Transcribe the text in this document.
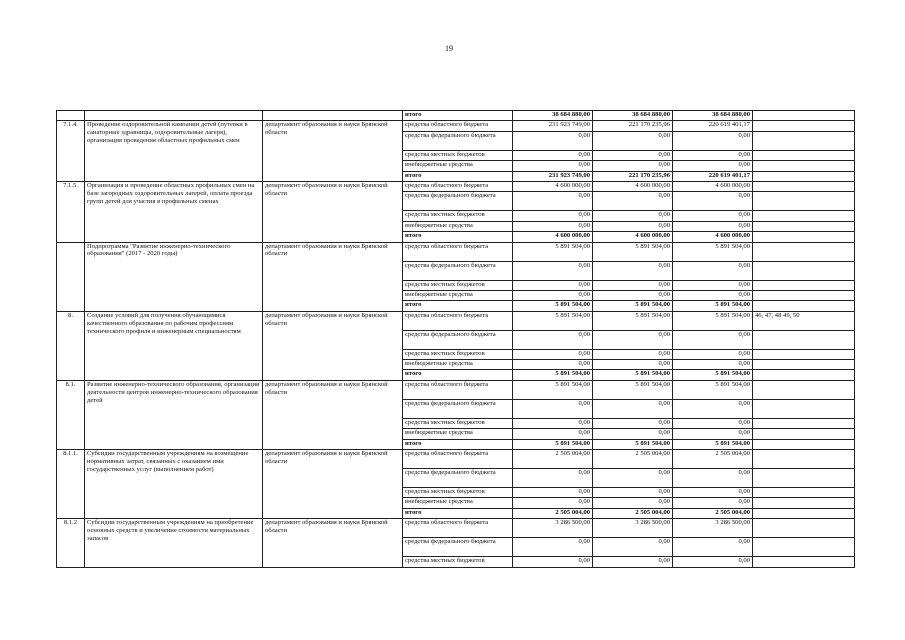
19
			итого	38 684 880,00	38 684 880,00	38 684 880,00	
7.1.4.	Проведение оздоровительной кампании детей (путевки в санаторные здравницы, оздоровительные лагеря), организация проведения областных профильных смен	департамент образования и науки Брянской области	средства областного бюджета	231 923 749,00	221 170 235,96	220 619 401,17	
			средства федерального бюджета	0,00	0,00	0,00	
			средства местных бюджетов	0,00	0,00	0,00	
			внебюджетные средства	0,00	0,00	0,00	
			итого	231 923 749,00	221 170 235,96	220 619 401,17	
7.1.5.	Организация и проведение областных профильных смен на базе загородных оздоровительных лагерей, оплата проезда групп детей для участия в профильных сменах	департамент образования и науки Брянской области	средства областного бюджета	4 600 000,00	4 600 000,00	4 600 000,00	
			средства федерального бюджета	0,00	0,00	0,00	
			средства местных бюджетов	0,00	0,00	0,00	
			внебюджетные средства	0,00	0,00	0,00	
			итого	4 600 000,00	4 600 000,00	4 600 000,00	
	Подпрограмма "Развитие инженерно-технического образования" (2017 - 2020 годы)	департамент образования и науки Брянской области	средства областного бюджета	5 891 504,00	5 891 504,00	5 891 504,00	
			средства федерального бюджета	0,00	0,00	0,00	
			средства местных бюджетов	0,00	0,00	0,00	
			внебюджетные средства	0,00	0,00	0,00	
			итого	5 891 504,00	5 891 504,00	5 891 504,00	
8.	Создание условий для получения обучающимися качественного образования по рабочим профессиям технического профиля и инженерным специальностям	департамент образования и науки Брянской области	средства областного бюджета	5 891 504,00	5 891 504,00	5 891 504,00	46, 47, 48 49, 50
			средства федерального бюджета	0,00	0,00	0,00	
			средства местных бюджетов	0,00	0,00	0,00	
			внебюджетные средства	0,00	0,00	0,00	
			итого	5 891 504,00	5 891 504,00	5 891 504,00	
8.1.	Развитие инженерно-технического образования, организация деятельности центров инженерно-технического образования детей	департамент образования и науки Брянской области	средства областного бюджета	5 891 504,00	5 891 504,00	5 891 504,00	
			средства федерального бюджета	0,00	0,00	0,00	
			средства местных бюджетов	0,00	0,00	0,00	
			внебюджетные средства	0,00	0,00	0,00	
			итого	5 891 504,00	5 891 504,00	5 891 504,00	
8.1.1.	Субсидии государственным учреждениям на возмещение нормативных затрат, связанных с оказанием ими государственных услуг (выполнением работ)	департамент образования и науки Брянской области	средства областного бюджета	2 505 004,00	2 505 004,00	2 505 004,00	
			средства федерального бюджета	0,00	0,00	0,00	
			средства местных бюджетов	0,00	0,00	0,00	
			внебюджетные средства	0,00	0,00	0,00	
			итого	2 505 004,00	2 505 004,00	2 505 004,00	
8.1.2	Субсидии государственным учреждениям на приобретение основных средств и увеличение стоимости материальных запасов	департамент образования и науки Брянской области	средства областного бюджета	3 286 500,00	3 286 500,00	3 286 500,00	
			средства федерального бюджета	0,00	0,00	0,00	
			средства местных бюджетов	0,00	0,00	0,00	
